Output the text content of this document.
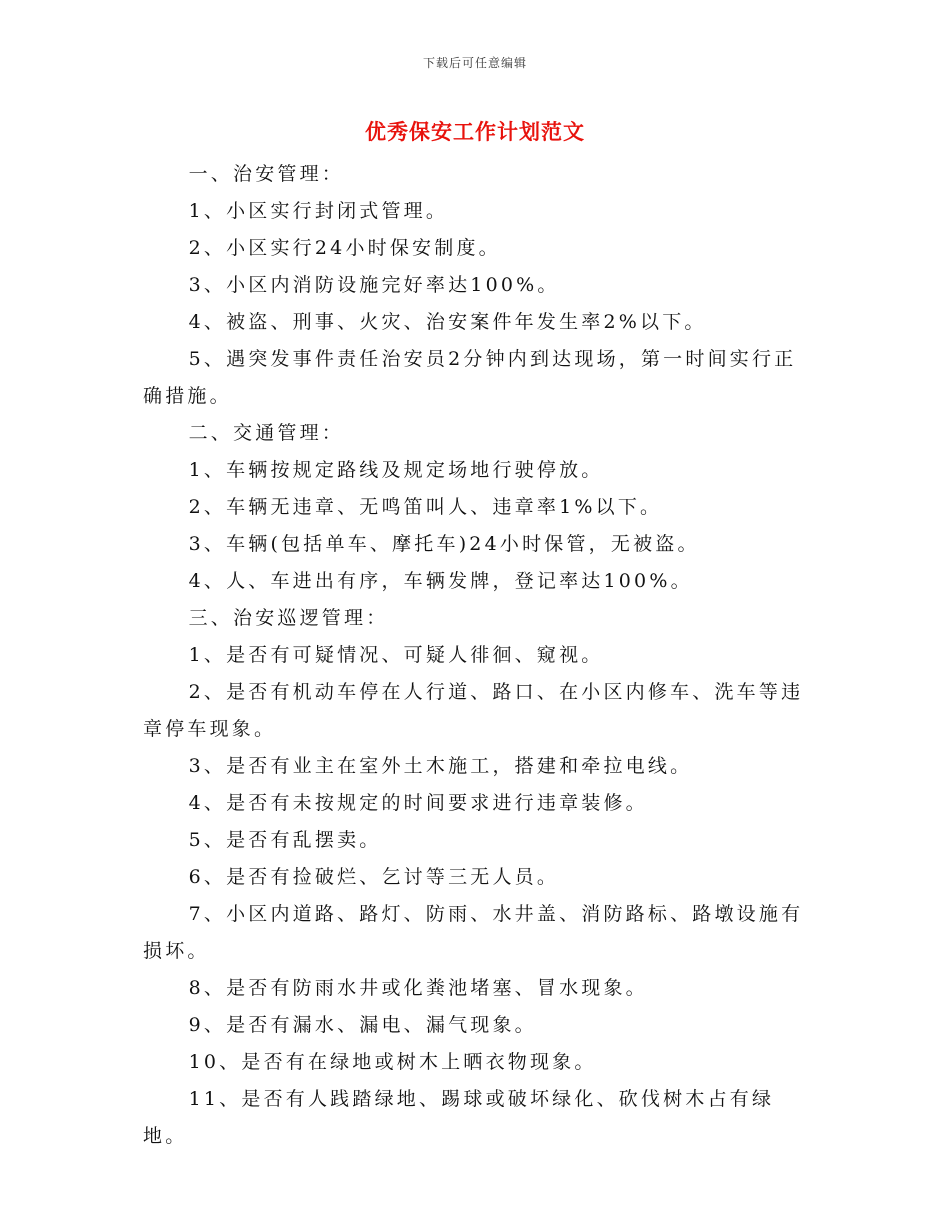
下载后可任意编辑
优秀保安工作计划范文

一、治安管理：

1、小区实行封闭式管理。

2、小区实行24小时保安制度。

3、小区内消防设施完好率达100%。

4、被盗、刑事、火灾、治安案件年发生率2%以下。

5、遇突发事件责任治安员2分钟内到达现场，第一时间实行正确措施。

二、交通管理：

1、车辆按规定路线及规定场地行驶停放。

2、车辆无违章、无鸣笛叫人、违章率1%以下。

3、车辆(包括单车、摩托车)24小时保管，无被盗。

4、人、车进出有序，车辆发牌，登记率达100%。

三、治安巡逻管理：

1、是否有可疑情况、可疑人徘徊、窥视。

2、是否有机动车停在人行道、路口、在小区内修车、洗车等违章停车现象。

3、是否有业主在室外土木施工，搭建和牵拉电线。

4、是否有未按规定的时间要求进行违章装修。

5、是否有乱摆卖。

6、是否有捡破烂、乞讨等三无人员。

7、小区内道路、路灯、防雨、水井盖、消防路标、路墩设施有损坏。

8、是否有防雨水井或化粪池堵塞、冒水现象。

9、是否有漏水、漏电、漏气现象。

10、是否有在绿地或树木上晒衣物现象。

11、是否有人践踏绿地、踢球或破坏绿化、砍伐树木占有绿地。
